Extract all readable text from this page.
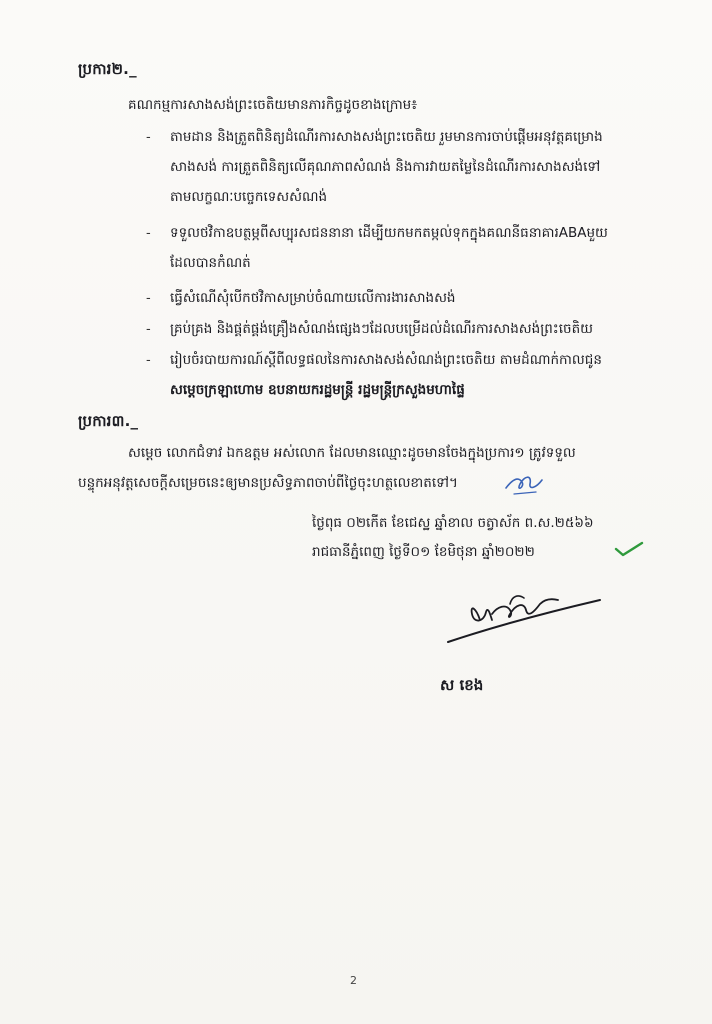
ប្រការ២._
គណកម្មការសាងសង់ព្រះចេតិយមានភារកិច្ចដូចខាងក្រោម៖
- តាមដាន និងត្រួតពិនិត្យដំណើរការសាងសង់ព្រះចេតិយ រួមមានការចាប់ផ្ដើមអនុវត្តគម្រោង
សាងសង់ ការត្រួតពិនិត្យលើគុណភាពសំណង់ និងការវាយតម្លៃនៃដំណើរការសាងសង់ទៅ
តាមលក្ខណៈបច្ចេកទេសសំណង់
- ទទួលថវិកាឧបត្ថម្ភពីសប្បុរសជននានា ដើម្បីយកមកតម្កល់ទុកក្នុងគណនីធនាគារABAមួយ
ដែលបានកំណត់
- ធ្វើសំណើសុំបើកថវិកាសម្រាប់ចំណាយលើការងារសាងសង់
- គ្រប់គ្រង និងផ្គត់ផ្គង់គ្រឿងសំណង់ផ្សេងៗដែលបម្រើដល់ដំណើរការសាងសង់ព្រះចេតិយ
- រៀបចំរបាយការណ៍ស្ដីពីលទ្ធផលនៃការសាងសង់សំណង់ព្រះចេតិយ តាមដំណាក់កាលជូន
សម្ដេចក្រឡាហោម ឧបនាយករដ្ឋមន្ត្រី រដ្ឋមន្ត្រីក្រសួងមហាផ្ទៃ
ប្រការ៣._
សម្ដេច លោកជំទាវ ឯកឧត្តម អស់លោក ដែលមានឈ្មោះដូចមានចែងក្នុងប្រការ១ ត្រូវទទួល
បន្ទុកអនុវត្តសេចក្ដីសម្រេចនេះឲ្យមានប្រសិទ្ធភាពចាប់ពីថ្ងៃចុះហត្ថលេខាតទៅ។
ថ្ងៃពុធ ០២កើត ខែជេស្ឋ ឆ្នាំខាល ចត្វាស័ក ព.ស.២៥៦៦
រាជធានីភ្នំពេញ ថ្ងៃទី០១ ខែមិថុនា ឆ្នាំ២០២២
ស ខេង
2
